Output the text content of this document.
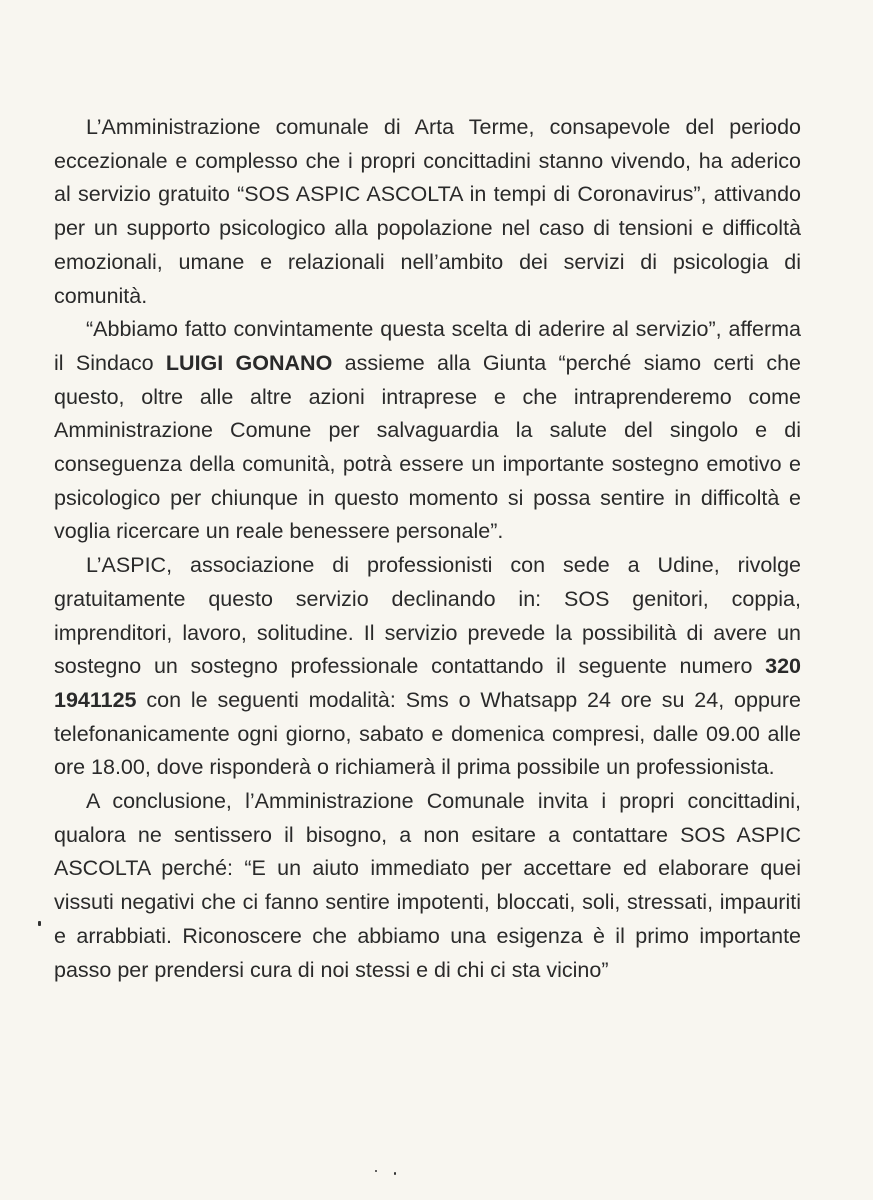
L’Amministrazione comunale di Arta Terme, consapevole del periodo eccezionale e complesso che i propri concittadini stanno vivendo, ha aderico al servizio gratuito “SOS ASPIC ASCOLTA in tempi di Coronavirus”, attivando per un supporto psicologico alla popolazione nel caso di tensioni e difficoltà emozionali, umane e relazionali nell’ambito dei servizi di psicologia di comunità.

“Abbiamo fatto convintamente questa scelta di aderire al servizio”, afferma il Sindaco LUIGI GONANO assieme alla Giunta “perché siamo certi che questo, oltre alle altre azioni intraprese e che intraprenderemo come Amministrazione Comune per salvaguardia la salute del singolo e di conseguenza della comunità, potrà essere un importante sostegno emotivo e psicologico per chiunque in questo momento si possa sentire in difficoltà e voglia ricercare un reale benessere personale”.

L’ASPIC, associazione di professionisti con sede a Udine, rivolge gratuitamente questo servizio declinando in: SOS genitori, coppia, imprenditori, lavoro, solitudine. Il servizio prevede la possibilità di avere un sostegno un sostegno professionale contattando il seguente numero 320 1941125 con le seguenti modalità: Sms o Whatsapp 24 ore su 24, oppure telefonanicamente ogni giorno, sabato e domenica compresi, dalle 09.00 alle ore 18.00, dove risponderà o richiamerà il prima possibile un professionista.

A conclusione, l’Amministrazione Comunale invita i propri concittadini, qualora ne sentissero il bisogno, a non esitare a contattare SOS ASPIC ASCOLTA perché: “E un aiuto immediato per accettare ed elaborare quei vissuti negativi che ci fanno sentire impotenti, bloccati, soli, stressati, impauriti e arrabbiati. Riconoscere che abbiamo una esigenza è il primo importante passo per prendersi cura di noi stessi e di chi ci sta vicino”
